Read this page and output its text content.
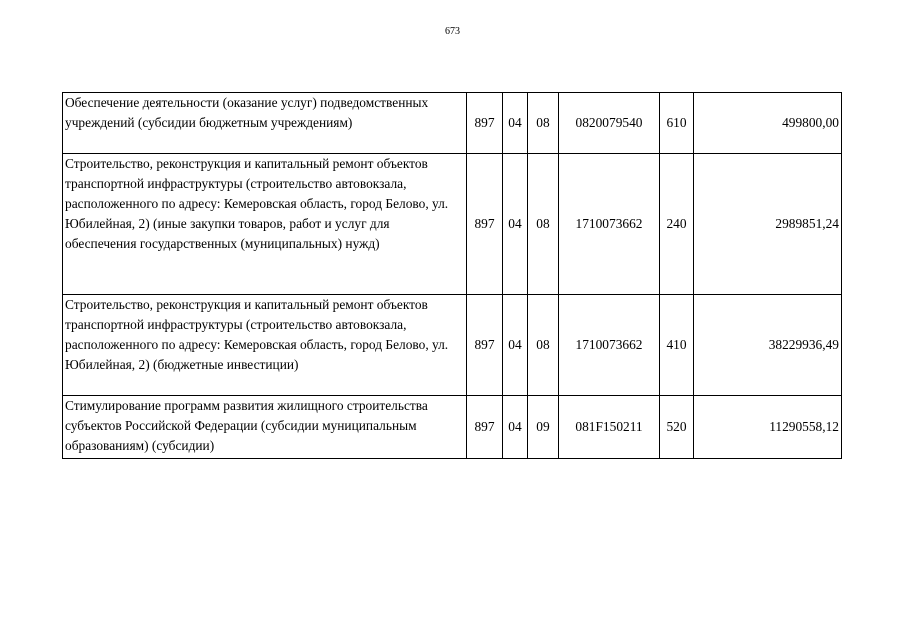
673
Обеспечение деятельности (оказание услуг) подведомственных учреждений (субсидии бюджетным учреждениям)	897	04	08	0820079540	610	499800,00
Строительство, реконструкция и капитальный ремонт объектов транспортной инфраструктуры (строительство автовокзала, расположенного по адресу: Кемеровская область, город Белово, ул. Юбилейная, 2) (иные закупки товаров, работ и услуг для обеспечения государственных (муниципальных) нужд)	897	04	08	1710073662	240	2989851,24
Строительство, реконструкция и капитальный ремонт объектов транспортной инфраструктуры (строительство автовокзала, расположенного по адресу: Кемеровская область, город Белово, ул. Юбилейная, 2) (бюджетные инвестиции)	897	04	08	1710073662	410	38229936,49
Стимулирование программ развития жилищного строительства субъектов Российской Федерации (субсидии муниципальным образованиям) (субсидии)	897	04	09	081F150211	520	11290558,12
